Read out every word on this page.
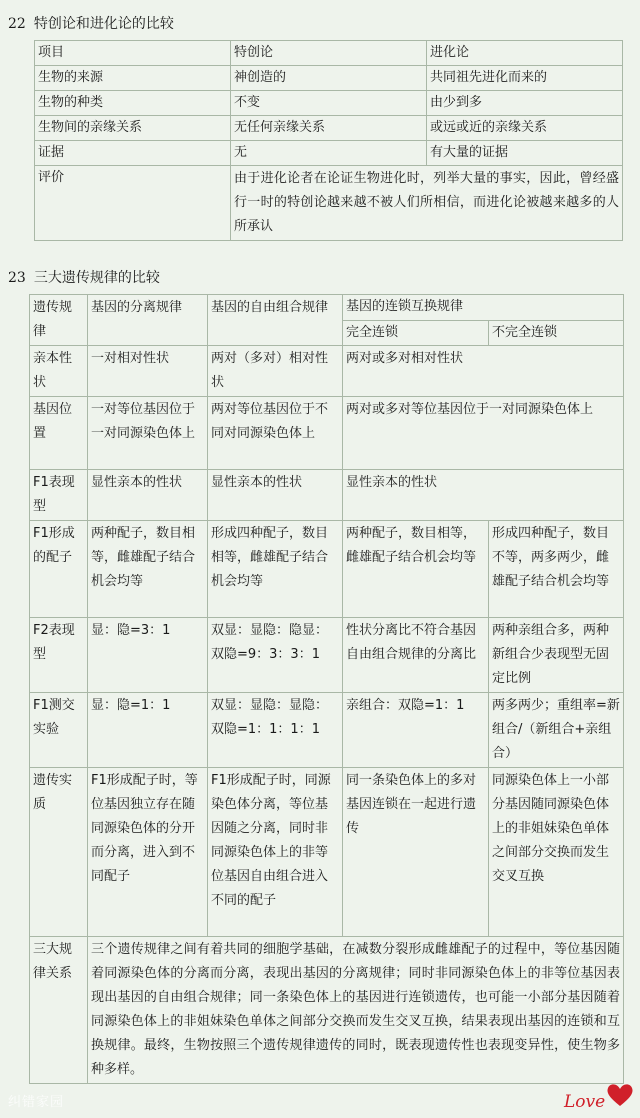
22 特创论和进化论的比较
项目	特创论	进化论
生物的来源	神创造的	共同祖先进化而来的
生物的种类	不变	由少到多
生物间的亲缘关系	无任何亲缘关系	或远或近的亲缘关系
证据	无	有大量的证据
评价	由于进化论者在论证生物进化时，列举大量的事实，因此，曾经盛行一时的特创论越来越不被人们所相信，而进化论被越来越多的人所承认	
23 三大遗传规律的比较
遗传规律	基因的分离规律	基因的自由组合规律	基因的连锁互换规律	
			完全连锁	不完全连锁
亲本性状	一对相对性状	两对（多对）相对性状	两对或多对相对性状	
基因位置	一对等位基因位于一对同源染色体上	两对等位基因位于不同对同源染色体上	两对或多对等位基因位于一对同源染色体上	
F1表现型	显性亲本的性状	显性亲本的性状	显性亲本的性状	
F1形成的配子	两种配子，数目相等，雌雄配子结合机会均等	形成四种配子，数目相等，雌雄配子结合机会均等	两种配子，数目相等，雌雄配子结合机会均等	形成四种配子，数目不等，两多两少，雌雄配子结合机会均等
F2表现型	显：隐=3：1	双显：显隐：隐显：双隐=9：3：3：1	性状分离比不符合基因自由组合规律的分离比	两种亲组合多，两种新组合少表现型无固定比例
F1测交实验	显：隐=1：1	双显：显隐：显隐：双隐=1：1：1：1	亲组合：双隐=1：1	两多两少；重组率=新组合/（新组合+亲组合）
遗传实质	F1形成配子时，等位基因独立存在随同源染色体的分开而分离，进入到不同配子	F1形成配子时，同源染色体分离，等位基因随之分离，同时非同源染色体上的非等位基因自由组合进入不同的配子	同一条染色体上的多对基因连锁在一起进行遗传	同源染色体上一小部分基因随同源染色体上的非姐妹染色单体之间部分交换而发生交叉互换
三大规律关系	三个遗传规律之间有着共同的细胞学基础，在减数分裂形成雌雄配子的过程中，等位基因随着同源染色体的分离而分离，表现出基因的分离规律；同时非同源染色体上的非等位基因表现出基因的自由组合规律；同一条染色体上的基因进行连锁遗传，也可能一小部分基因随着同源染色体上的非姐妹染色单体之间部分交换而发生交叉互换，结果表现出基因的连锁和互换规律。最终，生物按照三个遗传规律遗传的同时，既表现遗传性也表现变异性，使生物多种多样。			
纠错家园	Love
